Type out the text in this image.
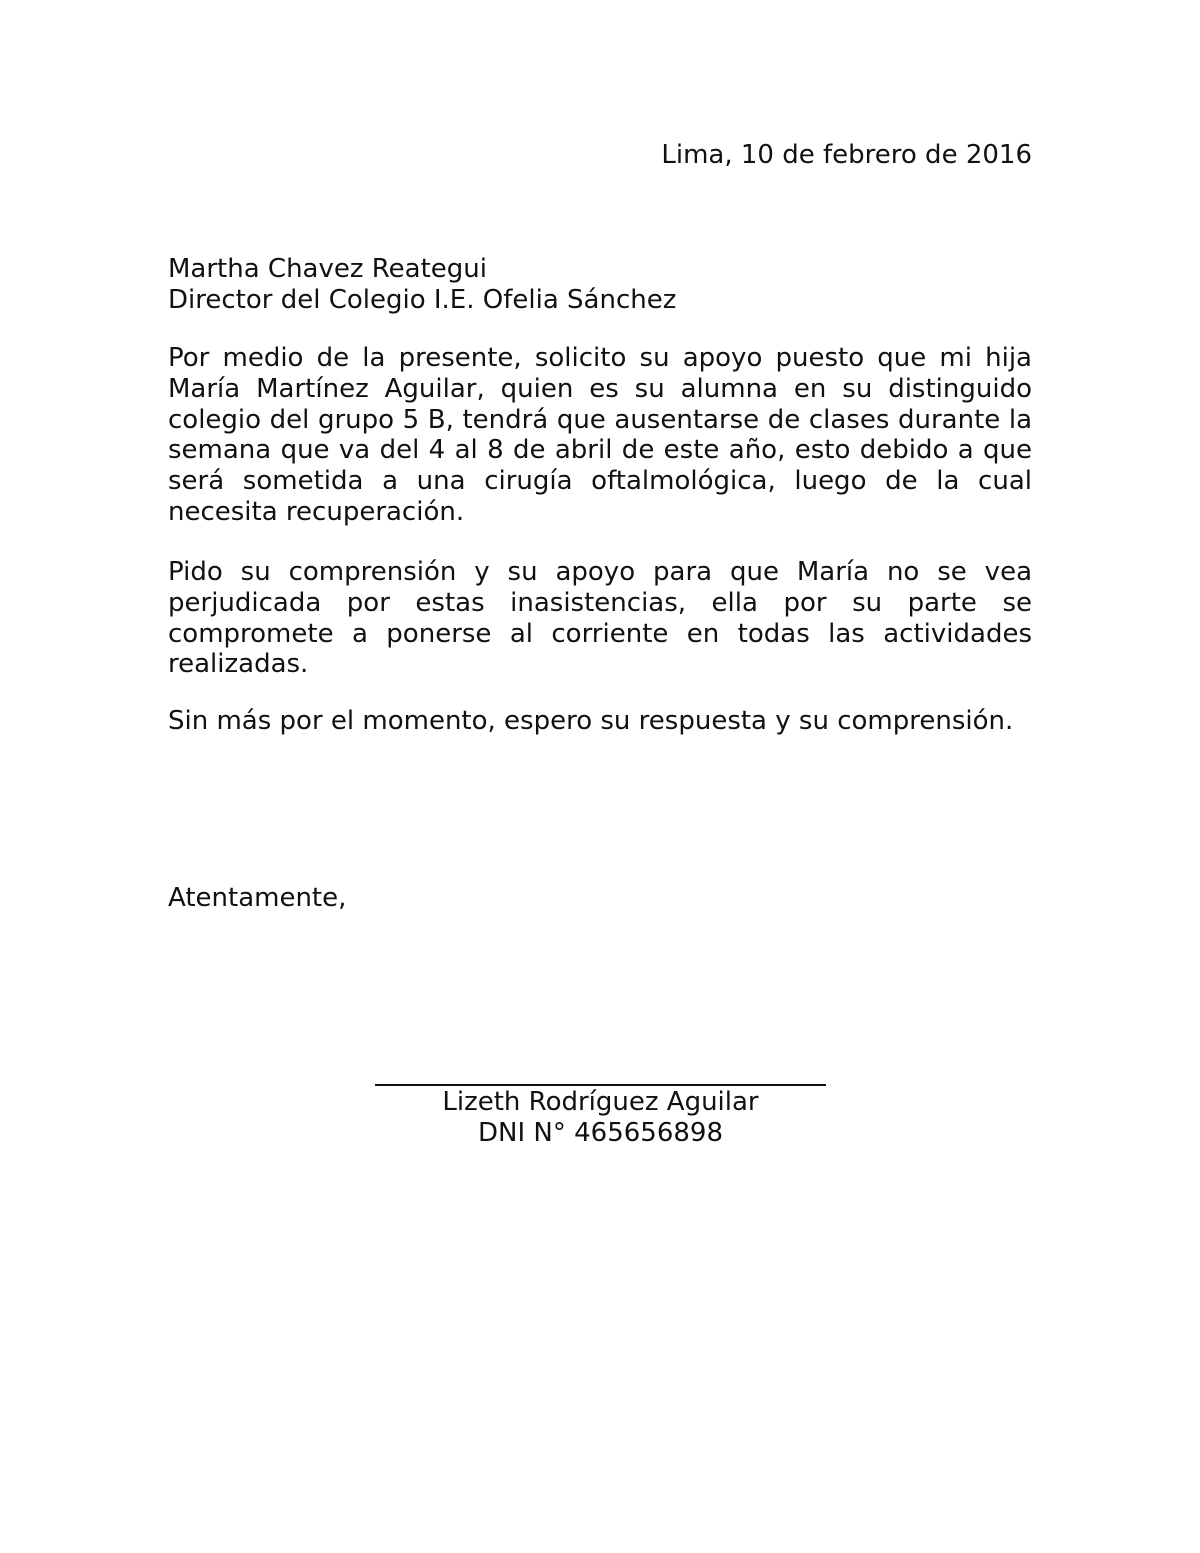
Lima, 10 de febrero de 2016
Martha Chavez Reategui
Director del Colegio I.E. Ofelia Sánchez
Por medio de la presente, solicito su apoyo puesto que mi hija María Martínez Aguilar, quien es su alumna en su distinguido colegio del grupo 5 B, tendrá que ausentarse de clases durante la semana que va del 4 al 8 de abril de este año, esto debido a que será sometida a una cirugía oftalmológica, luego de la cual necesita recuperación.
Pido su comprensión y su apoyo para que María no se vea perjudicada por estas inasistencias, ella por su parte se compromete a ponerse al corriente en todas las actividades realizadas.
Sin más por el momento, espero su respuesta y su comprensión.
Atentamente,
Lizeth Rodríguez Aguilar
DNI N° 465656898
